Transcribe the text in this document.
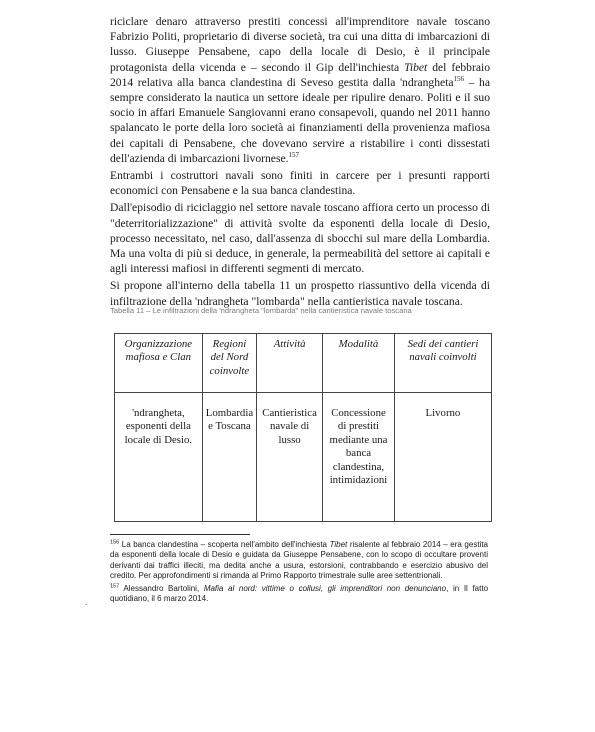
riciclare denaro attraverso prestiti concessi all'imprenditore navale toscano Fabrizio Politi, proprietario di diverse società, tra cui una ditta di imbarcazioni di lusso. Giuseppe Pensabene, capo della locale di Desio, è il principale protagonista della vicenda e – secondo il Gip dell'inchiesta Tibet del febbraio 2014 relativa alla banca clandestina di Seveso gestita dalla 'ndrangheta$^{156}$ – ha sempre considerato la nautica un settore ideale per ripulire denaro. Politi e il suo socio in affari Emanuele Sangiovanni erano consapevoli, quando nel 2011 hanno spalancato le porte della loro società ai finanziamenti della provenienza mafiosa dei capitali di Pensabene, che dovevano servire a ristabilire i conti dissestati dell'azienda di imbarcazioni livornese.$^{157}$

Entrambi i costruttori navali sono finiti in carcere per i presunti rapporti economici con Pensabene e la sua banca clandestina.

Dall'episodio di riciclaggio nel settore navale toscano affiora certo un processo di "deterritorializzazione" di attività svolte da esponenti della locale di Desio, processo necessitato, nel caso, dall'assenza di sbocchi sul mare della Lombardia. Ma una volta di più si deduce, in generale, la permeabilità del settore ai capitali e agli interessi mafiosi in differenti segmenti di mercato.

Si propone all'interno della tabella 11 un prospetto riassuntivo della vicenda di infiltrazione della 'ndrangheta "lombarda" nella cantieristica navale toscana.

Tabella 11 – Le infiltrazioni della 'ndrangheta "lombarda" nella cantieristica navale toscana
Organizzazione mafiosa e Clan	Regioni del Nord coinvolte	Attività	Modalità	Sedi dei cantieri navali coinvolti
'ndrangheta, esponenti della locale di Desio.	Lombardia e Toscana	Cantieristica navale di lusso	Concessione di prestiti mediante una banca clandestina, intimidazioni	Livorno

$^{156}$ La banca clandestina – scoperta nell'ambito dell'inchiesta Tibet risalente al febbraio 2014 – era gestita da esponenti della locale di Desio e guidata da Giuseppe Pensabene, con lo scopo di occultare proventi derivanti dai traffici illeciti, ma dedita anche a usura, estorsioni, contrabbando e esercizio abusivo del credito. Per approfondimenti si rimanda al Primo Rapporto trimestrale sulle aree settentrionali.

$^{157}$ Alessandro Bartolini, Mafia al nord: vittime o collusi, gli imprenditori non denunciano, in Il fatto quotidiano, il 6 marzo 2014.

.
